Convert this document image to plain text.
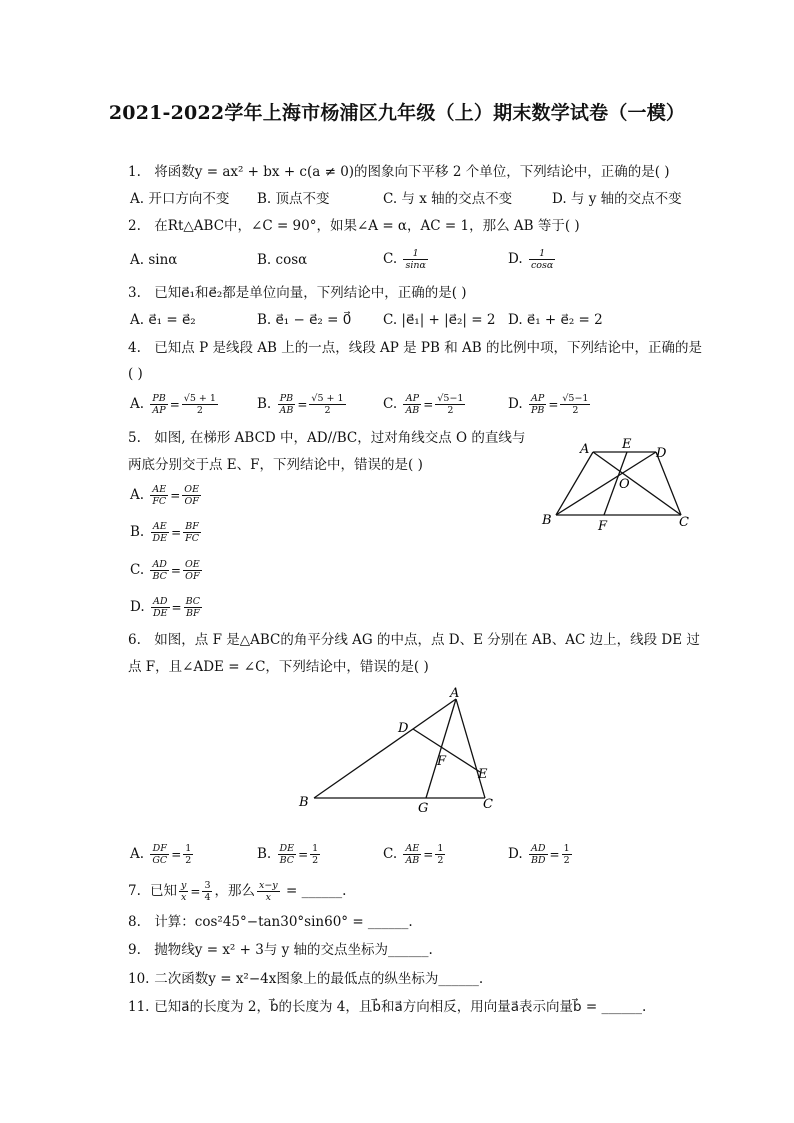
2021-2022学年上海市杨浦区九年级（上）期末数学试卷（一模）
1. 将函数y = ax² + bx + c(a ≠ 0)的图象向下平移 2 个单位，下列结论中，正确的是( )
A. 开口方向不变 B. 顶点不变	C. 与 x 轴的交点不变	D. 与 y 轴的交点不变
2. 在Rt△ABC中，∠C = 90°，如果∠A = α，AC = 1，那么 AB 等于( )
A. sinα	B. cosα	C. $\frac{1}{\sin\alpha}$	D. $\frac{1}{\cos\alpha}$
3. 已知e⃗₁和e⃗₂都是单位向量，下列结论中，正确的是( )
A. e⃗₁ = e⃗₂	B. e⃗₁ − e⃗₂ = 0⃗ C. |e⃗₁| + |e⃗₂| = 2 D. e⃗₁ + e⃗₂ = 2
4. 已知点 P 是线段 AB 上的一点，线段 AP 是 PB 和 AB 的比例中项，下列结论中，正确的是
( )
A. $\frac{PB}{AP} = \frac{√5 + 1}{2}$	B. $\frac{PB}{AB} = \frac{√5 + 1}{2}$	C. $\frac{AP}{AB} = \frac{√5-1}{2}$	D. $\frac{AP}{PB} = \frac{√5-1}{2}$
5. 如图, 在梯形 ABCD 中，AD//BC，过对角线交点 O 的直线与
两底分别交于点 E、F，下列结论中，错误的是( )
A. $\frac{AE}{FC} = \frac{OE}{OF}$
B. $\frac{AE}{DE} = \frac{BF}{FC}$
C. $\frac{AD}{BC} = \frac{OE}{OF}$
D. $\frac{AD}{DE} = \frac{BC}{BF}$
A	E
D
O
B	F	C
6. 如图，点 F 是△ABC的角平分线 AG 的中点，点 D、E 分别在 AB、AC 边上，线段 DE 过
点 F，且∠ADE = ∠C，下列结论中，错误的是( )
A
D
F
E
B	G	C
A. $\frac{DF}{GC} = \frac{1}{2}$	B. $\frac{DE}{BC} = \frac{1}{2}$	C. $\frac{AE}{AB} = \frac{1}{2}$	D. $\frac{AD}{BD} = \frac{1}{2}$
7. 已知 $\frac{y}{x} = \frac{3}{4}$ ，那么 $\frac{x-y}{x}$ = ______.
8. 计算：cos²45°−tan30°sin60° = ______.
9. 抛物线y = x² + 3与 y 轴的交点坐标为______.
10. 二次函数y = x²−4x图象上的最低点的纵坐标为______.
11. 已知a⃗的长度为 2，b⃗的长度为 4，且b⃗和a⃗方向相反，用向量a⃗表示向量b⃗ = ______.
